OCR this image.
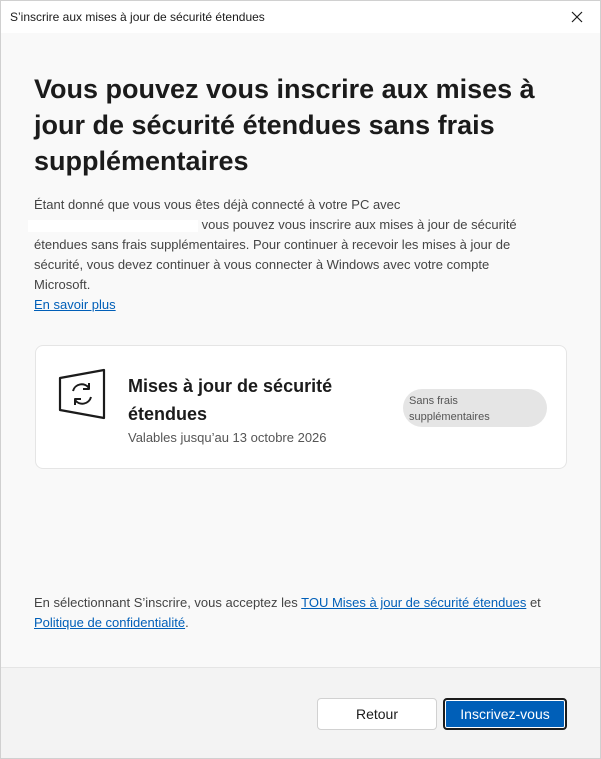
S’inscrire aux mises à jour de sécurité étendues
Vous pouvez vous inscrire aux mises à jour de sécurité étendues sans frais supplémentaires
Étant donné que vous vous êtes déjà connecté à votre PC avec
vous pouvez vous inscrire aux mises à jour de sécurité étendues sans frais supplémentaires. Pour continuer à recevoir les mises à jour de sécurité, vous devez continuer à vous connecter à Windows avec votre compte Microsoft.
En savoir plus
Mises à jour de sécurité étendues
Valables jusqu’au 13 octobre 2026
Sans frais supplémentaires
En sélectionnant S’inscrire, vous acceptez les TOU Mises à jour de sécurité étendues et
Politique de confidentialité.
Retour	Inscrivez-vous
